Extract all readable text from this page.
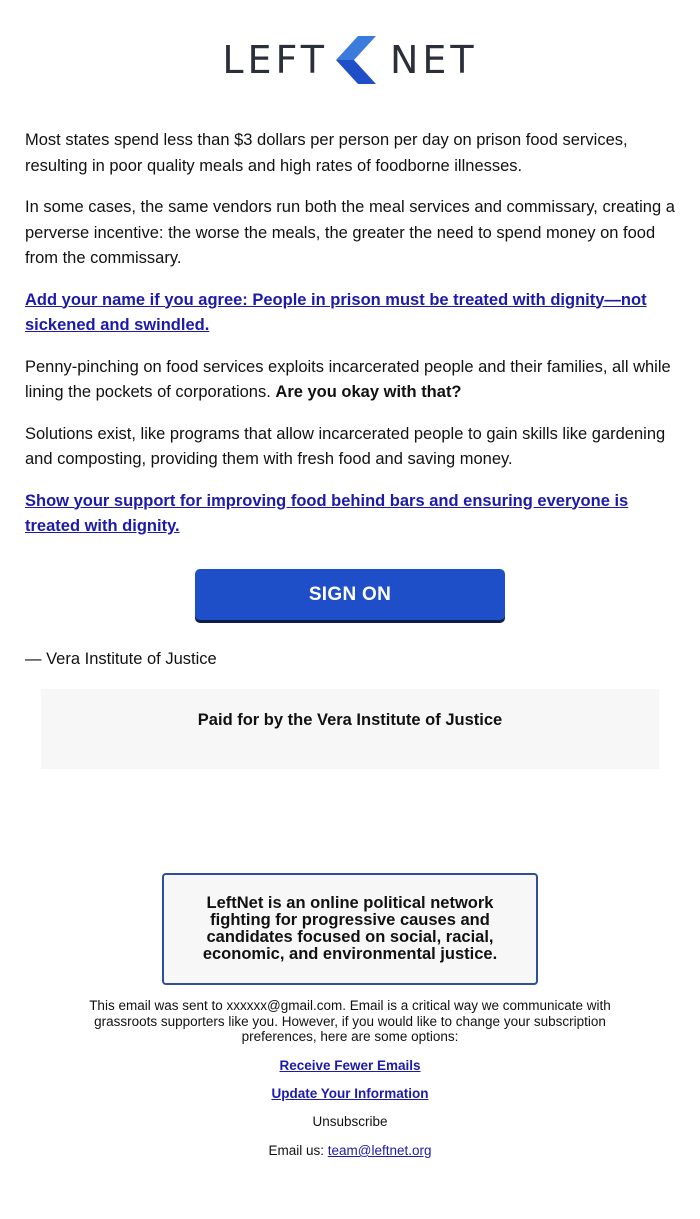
LEFT NET

Most states spend less than $3 dollars per person per day on prison food services, resulting in poor quality meals and high rates of foodborne illnesses.

In some cases, the same vendors run both the meal services and commissary, creating a perverse incentive: the worse the meals, the greater the need to spend money on food from the commissary.

Add your name if you agree: People in prison must be treated with dignity—not sickened and swindled.

Penny-pinching on food services exploits incarcerated people and their families, all while lining the pockets of corporations. Are you okay with that?

Solutions exist, like programs that allow incarcerated people to gain skills like gardening and composting, providing them with fresh food and saving money.

Show your support for improving food behind bars and ensuring everyone is treated with dignity.
SIGN ON
— Vera Institute of Justice
Paid for by the Vera Institute of Justice

LeftNet is an online political network fighting for progressive causes and candidates focused on social, racial, economic, and environmental justice.

This email was sent to xxxxxx@gmail.com. Email is a critical way we communicate with grassroots supporters like you. However, if you would like to change your subscription preferences, here are some options:

Receive Fewer Emails
Update Your Information
Unsubscribe
Email us: team@leftnet.org
